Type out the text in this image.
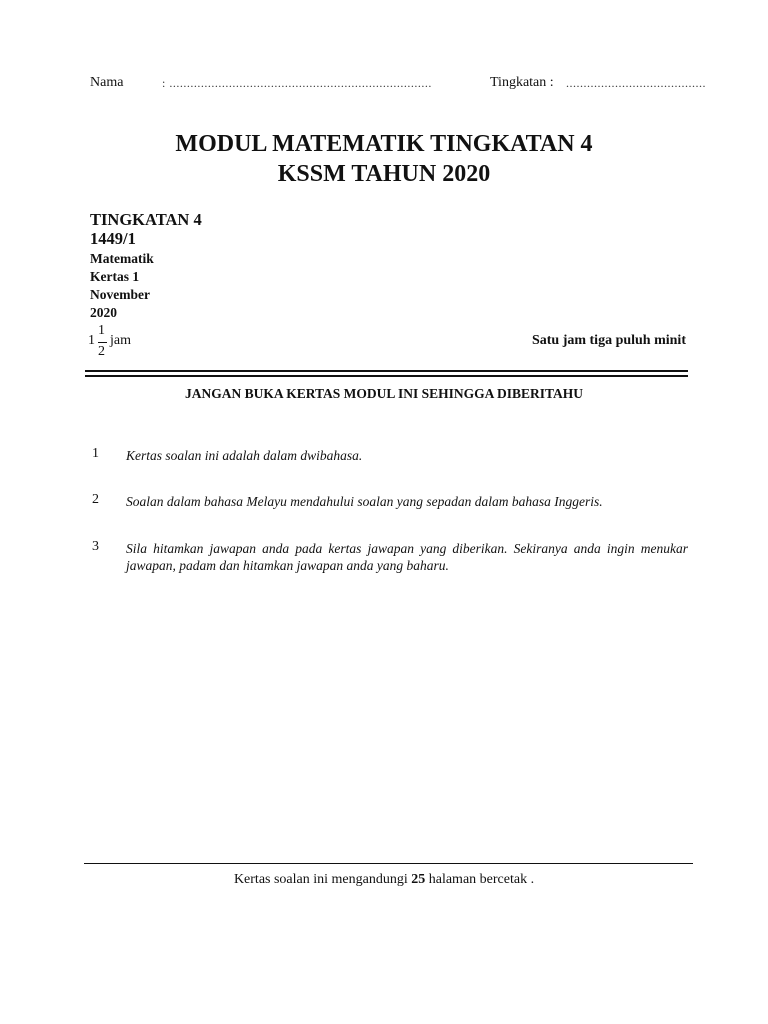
Nama	: ...........................................................................	Tingkatan : ........................................
MODUL MATEMATIK TINGKATAN 4
KSSM TAHUN 2020
TINGKATAN 4
1449/1
Matematik
Kertas 1
November
2020
1
1
2
jam	Satu jam tiga puluh minit
JANGAN BUKA KERTAS MODUL INI SEHINGGA DIBERITAHU
1 Kertas soalan ini adalah dalam dwibahasa.
2 Soalan dalam bahasa Melayu mendahului soalan yang sepadan dalam bahasa Inggeris.
3 Sila hitamkan jawapan anda pada kertas jawapan yang diberikan. Sekiranya anda ingin menukar jawapan, padam dan hitamkan jawapan anda yang baharu.
Kertas soalan ini mengandungi 25 halaman bercetak .
